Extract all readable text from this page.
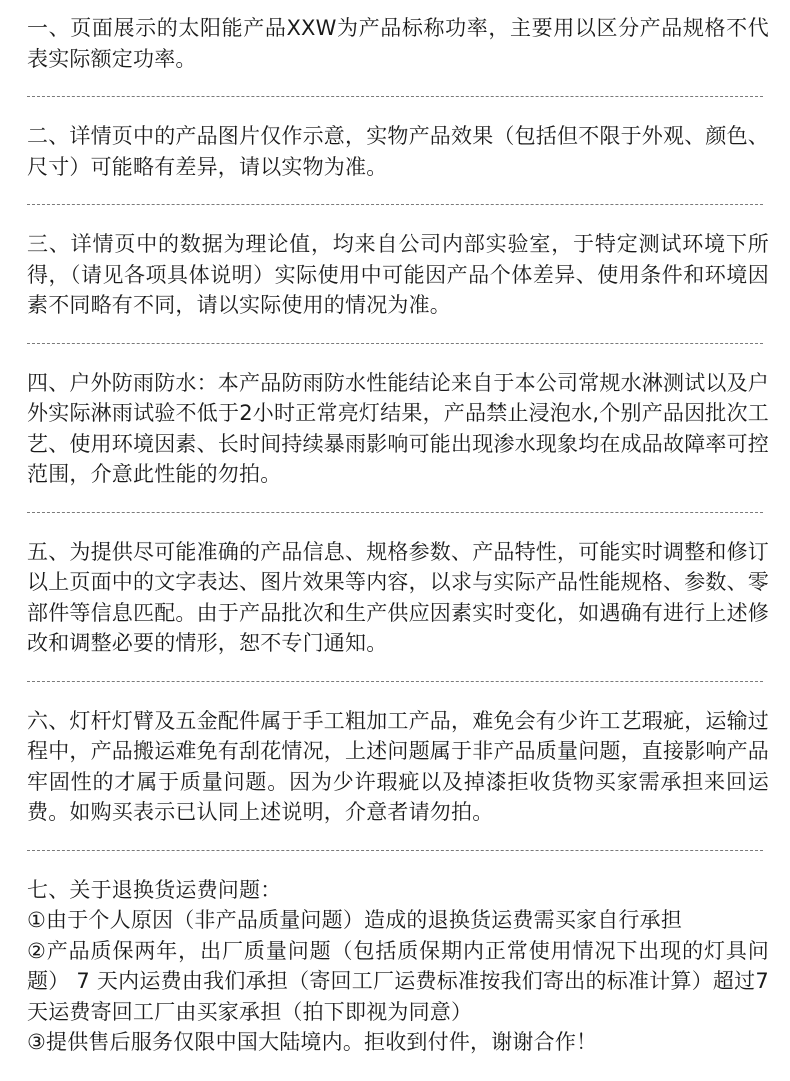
一、页面展示的太阳能产品XXW为产品标称功率，主要用以区分产品规格不代表实际额定功率。

二、详情页中的产品图片仅作示意，实物产品效果（包括但不限于外观、颜色、尺寸）可能略有差异，请以实物为准。

三、详情页中的数据为理论值，均来自公司内部实验室，于特定测试环境下所得，（请见各项具体说明）实际使用中可能因产品个体差异、使用条件和环境因素不同略有不同，请以实际使用的情况为准。

四、户外防雨防水：本产品防雨防水性能结论来自于本公司常规水淋测试以及户外实际淋雨试验不低于2小时正常亮灯结果，产品禁止浸泡水,个别产品因批次工艺、使用环境因素、长时间持续暴雨影响可能出现渗水现象均在成品故障率可控范围，介意此性能的勿拍。

五、为提供尽可能准确的产品信息、规格参数、产品特性，可能实时调整和修订以上页面中的文字表达、图片效果等内容，以求与实际产品性能规格、参数、零部件等信息匹配。由于产品批次和生产供应因素实时变化，如遇确有进行上述修改和调整必要的情形，恕不专门通知。

六、灯杆灯臂及五金配件属于手工粗加工产品，难免会有少许工艺瑕疵，运输过程中，产品搬运难免有刮花情况，上述问题属于非产品质量问题，直接影响产品牢固性的才属于质量问题。因为少许瑕疵以及掉漆拒收货物买家需承担来回运费。如购买表示已认同上述说明，介意者请勿拍。

七、关于退换货运费问题：

①由于个人原因（非产品质量问题）造成的退换货运费需买家自行承担

②产品质保两年，出厂质量问题（包括质保期内正常使用情况下出现的灯具问题） 7 天内运费由我们承担（寄回工厂运费标准按我们寄出的标准计算）超过7天运费寄回工厂由买家承担（拍下即视为同意）

③提供售后服务仅限中国大陆境内。拒收到付件，谢谢合作！
